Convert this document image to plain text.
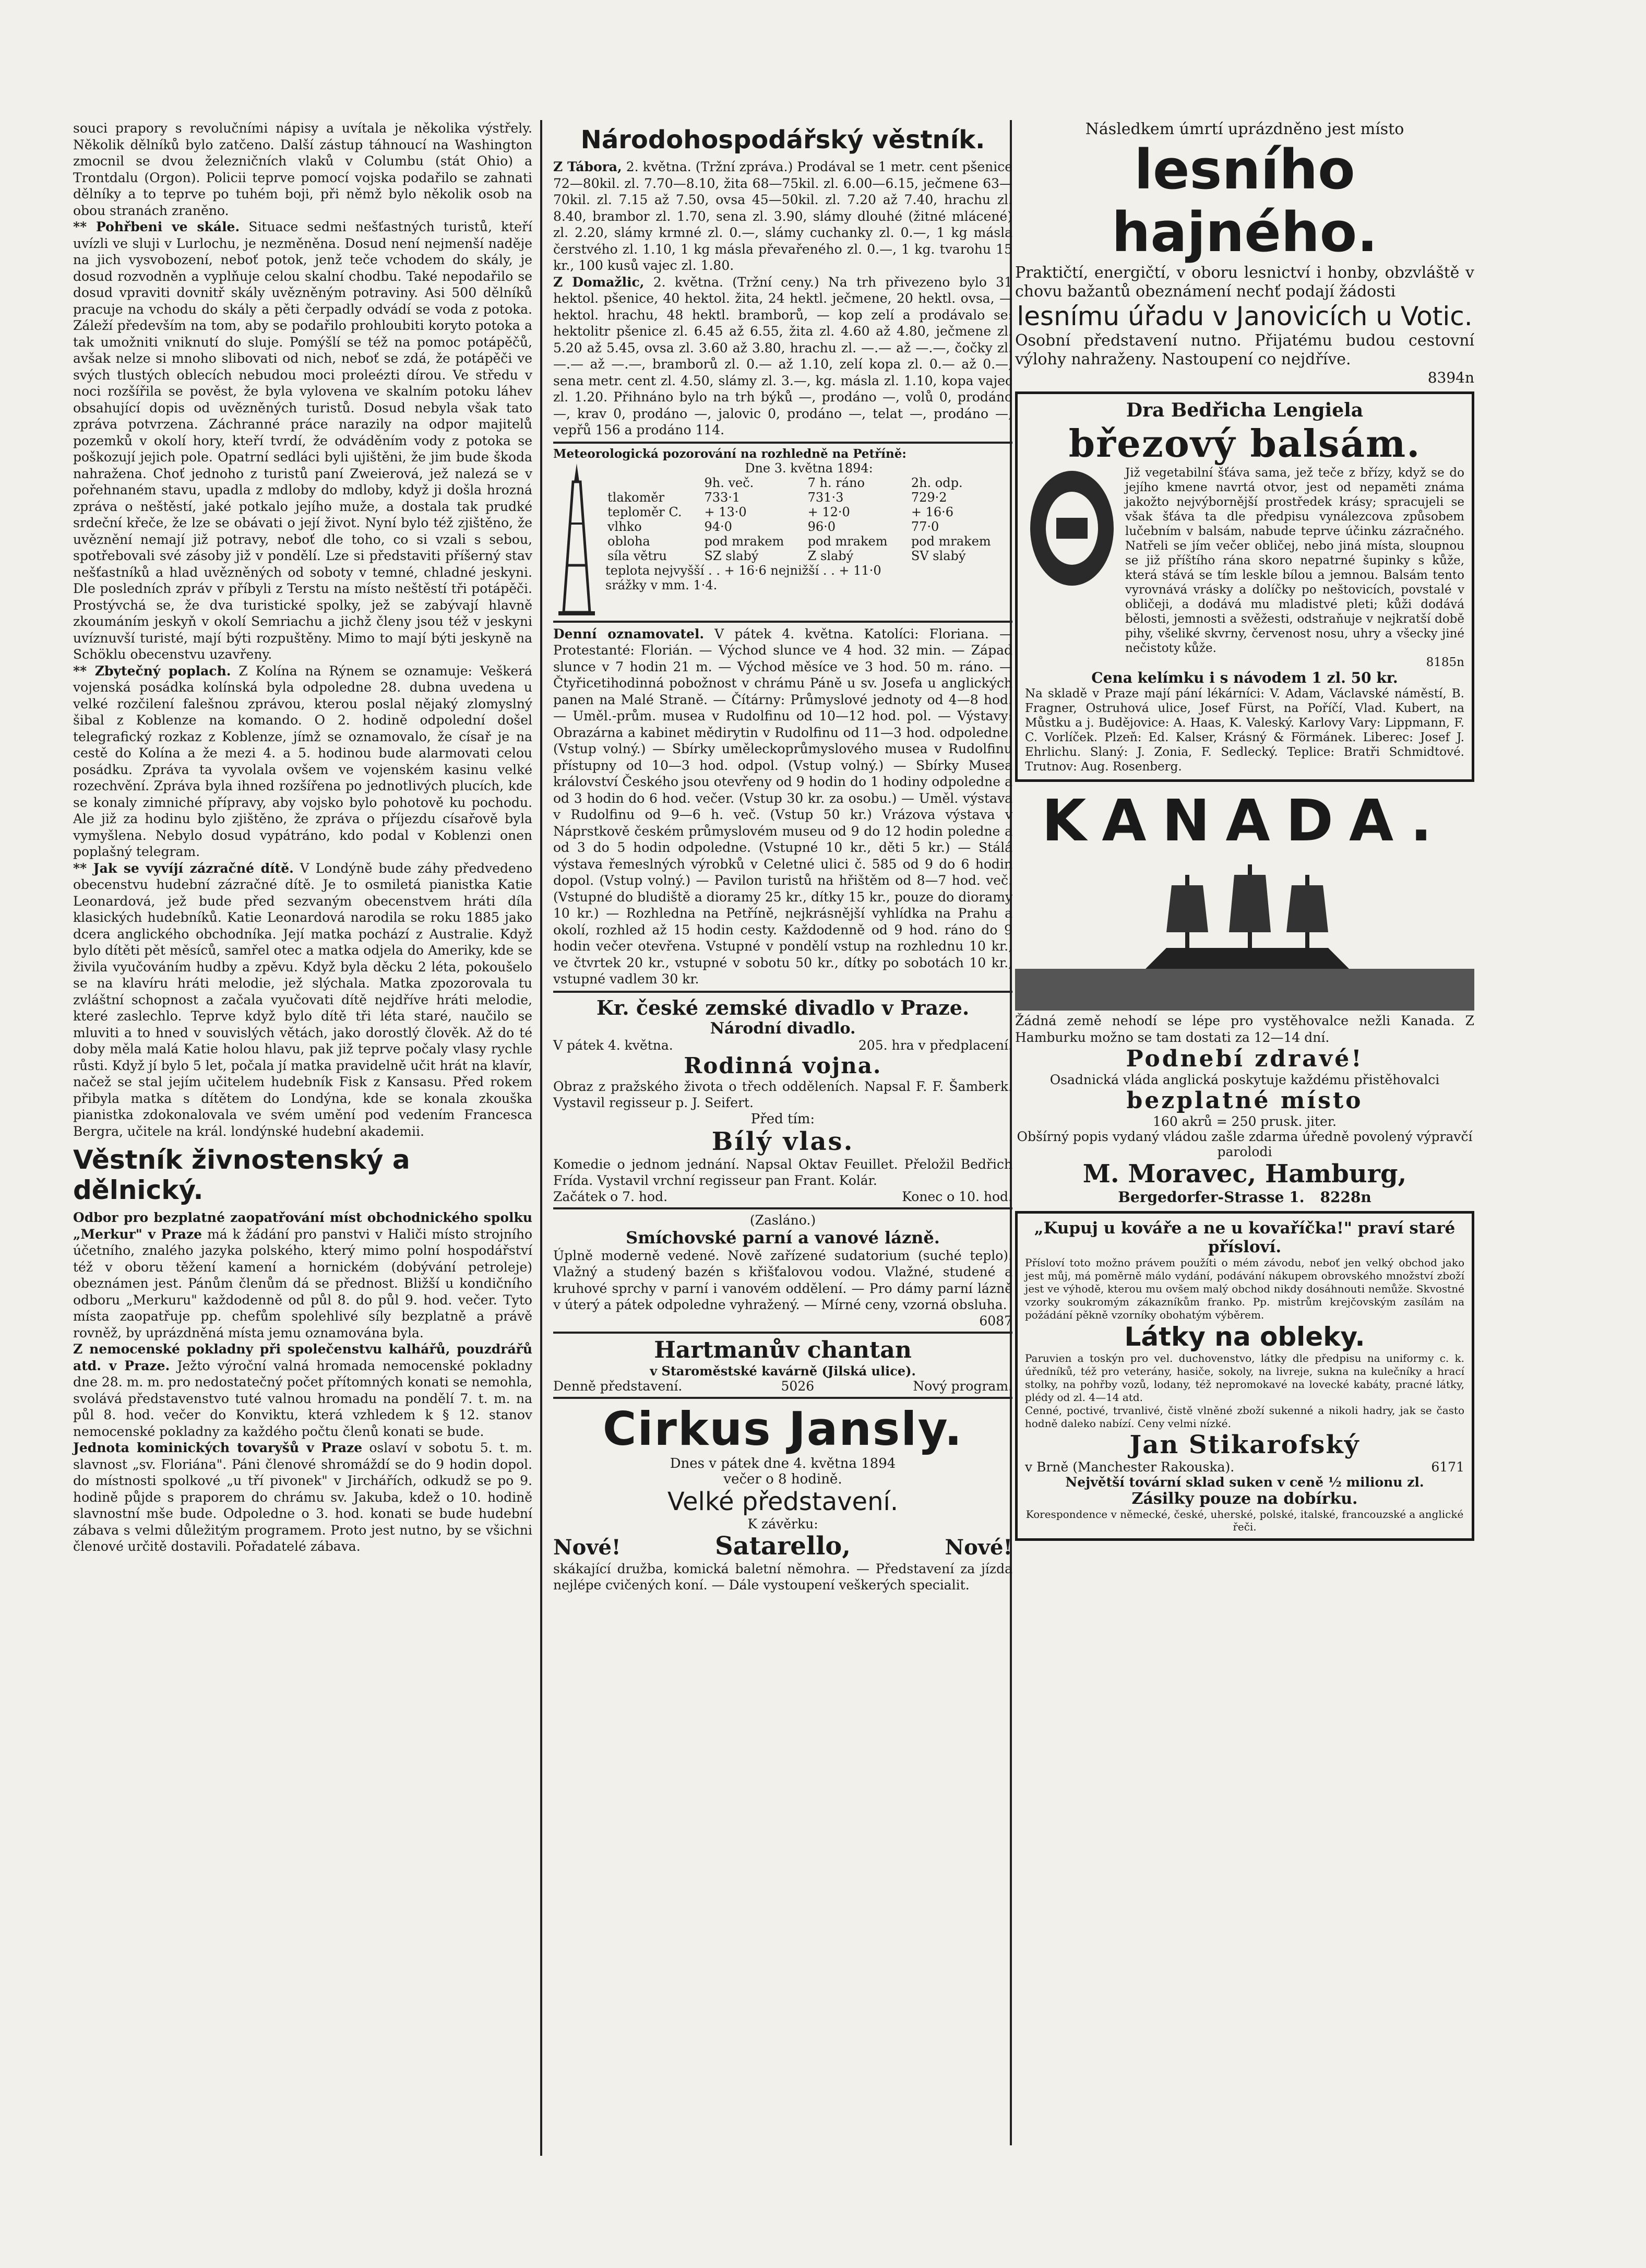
souci prapory s revolučními nápisy a uvítala je několika výstřely. Několik dělníků bylo zatčeno. Další zástup táhnoucí na Washington zmocnil se dvou železničních vlaků v Columbu (stát Ohio) a Trontdalu (Orgon). Policii teprve pomocí vojska podařilo se zahnati dělníky a to teprve po tuhém boji, při němž bylo několik osob na obou stranách zraněno.

** Pohřbeni ve skále. Situace sedmi nešťastných turistů, kteří uvízli ve sluji v Lurlochu, je nezměněna. Dosud není nejmenší naděje na jich vysvobození, neboť potok, jenž teče vchodem do skály, je dosud rozvodněn a vyplňuje celou skalní chodbu. Také nepodařilo se dosud vpraviti dovnitř skály uvězněným potraviny. Asi 500 dělníků pracuje na vchodu do skály a pěti čerpadly odvádí se voda z potoka. Záleží především na tom, aby se podařilo prohloubiti koryto potoka a tak umožniti vniknutí do sluje. Pomýšlí se též na pomoc potápěčů, avšak nelze si mnoho slibovati od nich, neboť se zdá, že potápěči ve svých tlustých oblecích nebudou moci proleézti dírou. Ve středu v noci rozšířila se pověst, že byla vylovena ve skalním potoku láhev obsahující dopis od uvězněných turistů. Dosud nebyla však tato zpráva potvrzena. Záchranné práce narazily na odpor majitelů pozemků v okolí hory, kteří tvrdí, že odváděním vody z potoka se poškozují jejich pole. Opatrní sedláci byli ujištěni, že jim bude škoda nahražena. Choť jednoho z turistů paní Zweierová, jež nalezá se v pořehnaném stavu, upadla z mdloby do mdloby, když ji došla hrozná zpráva o neštěstí, jaké potkalo jejího muže, a dostala tak prudké srdeční křeče, že lze se obávati o její život. Nyní bylo též zjištěno, že uvěznění nemají již potravy, neboť dle toho, co si vzali s sebou, spotřebovali své zásoby již v pondělí. Lze si představiti příšerný stav nešťastníků a hlad uvězněných od soboty v temné, chladné jeskyni. Dle posledních zpráv v příbyli z Terstu na místo neštěstí tři potápěči. Prostývchá se, že dva turistické spolky, jež se zabývají hlavně zkoumáním jeskyň v okolí Semriachu a jichž členy jsou též v jeskyni uvíznuvší turisté, mají býti rozpuštěny. Mimo to mají býti jeskyně na Schöklu obecenstvu uzavřeny.

** Zbytečný poplach. Z Kolína na Rýnem se oznamuje: Veškerá vojenská posádka kolínská byla odpoledne 28. dubna uvedena u velké rozčilení falešnou zprávou, kterou poslal nějaký zlomyslný šibal z Koblenze na komando. O 2. hodině odpolední došel telegrafický rozkaz z Koblenze, jímž se oznamovalo, že císař je na cestě do Kolína a že mezi 4. a 5. hodinou bude alarmovati celou posádku. Zpráva ta vyvolala ovšem ve vojenském kasinu velké rozechvění. Zpráva byla ihned rozšířena po jednotlivých plucích, kde se konaly zimniché přípravy, aby vojsko bylo pohotově ku pochodu. Ale již za hodinu bylo zjištěno, že zpráva o příjezdu císařově byla vymyšlena. Nebylo dosud vypátráno, kdo podal v Koblenzi onen poplašný telegram.

** Jak se vyvíjí zázračné dítě. V Londýně bude záhy předvedeno obecenstvu hudební zázračné dítě. Je to osmiletá pianistka Katie Leonardová, jež bude před sezvaným obecenstvem hráti díla klasických hudebníků. Katie Leonardová narodila se roku 1885 jako dcera anglického obchodníka. Její matka pochází z Australie. Když bylo dítěti pět měsíců, samřel otec a matka odjela do Ameriky, kde se živila vyučováním hudby a zpěvu. Když byla děcku 2 léta, pokoušelo se na klavíru hráti melodie, jež slýchala. Matka zpozorovala tu zvláštní schopnost a začala vyučovati dítě nejdříve hráti melodie, které zaslechlo. Teprve když bylo dítě tři léta staré, naučilo se mluviti a to hned v souvislých větách, jako dorostlý člověk. Až do té doby měla malá Katie holou hlavu, pak již teprve počaly vlasy rychle růsti. Když jí bylo 5 let, počala jí matka pravidelně učit hrát na klavír, načež se stal jejím učitelem hudebník Fisk z Kansasu. Před rokem přibyla matka s dítětem do Londýna, kde se konala zkouška pianistka zdokonalovala ve svém umění pod vedením Francesca Bergra, učitele na král. londýnské hudební akademii.

Věstník živnostenský a dělnický.

Odbor pro bezplatné zaopatřování míst obchodnického spolku „Merkur" v Praze má k žádání pro panstvi v Haliči místo strojního účetního, znalého jazyka polského, který mimo polní hospodářství též v oboru těžení kamení a hornickém (dobývání petroleje) obeznámen jest. Pánům členům dá se přednost. Bližší u kondičního odboru „Merkuru" každodenně od půl 8. do půl 9. hod. večer. Tyto místa zaopatřuje pp. chefům spolehlivé síly bezplatně a právě rovněž, by uprázdněná místa jemu oznamována byla.

Z nemocenské pokladny při společenstvu kalhářů, pouzdrářů atd. v Praze. Ježto výroční valná hromada nemocenské pokladny dne 28. m. m. pro nedostatečný počet přítomných konati se nemohla, svolává představenstvo tuté valnou hromadu na pondělí 7. t. m. na půl 8. hod. večer do Konviktu, která vzhledem k § 12. stanov nemocenské pokladny za každého počtu členů konati se bude.

Jednota kominických tovaryšů v Praze oslaví v sobotu 5. t. m. slavnost „sv. Floriána". Páni členové shromáždí se do 9 hodin dopol. do místnosti spolkové „u tří pivonek" v Jirchářích, odkudž se po 9. hodině půjde s praporem do chrámu sv. Jakuba, kdež o 10. hodině slavnostní mše bude. Odpoledne o 3. hod. konati se bude hudební zábava s velmi důležitým programem. Proto jest nutno, by se všichni členové určitě dostavili. Pořadatelé zábava.

Národohospodářský věstník.

Z Tábora, 2. května. (Tržní zpráva.) Prodával se 1 metr. cent pšenice 72—80kil. zl. 7.70—8.10, žita 68—75kil. zl. 6.00—6.15, ječmene 63—70kil. zl. 7.15 až 7.50, ovsa 45—50kil. zl. 7.20 až 7.40, hrachu zl. 8.40, brambor zl. 1.70, sena zl. 3.90, slámy dlouhé (žitné mlácené) zl. 2.20, slámy krmné zl. 0.—, slámy cuchanky zl. 0.—, 1 kg másla čerstvého zl. 1.10, 1 kg másla převařeného zl. 0.—, 1 kg. tvarohu 15 kr., 100 kusů vajec zl. 1.80.

Z Domažlic, 2. května. (Tržní ceny.) Na trh přivezeno bylo 31 hektol. pšenice, 40 hektol. žita, 24 hektl. ječmene, 20 hektl. ovsa, — hektol. hrachu, 48 hektl. bramborů, — kop zelí a prodávalo se: hektolitr pšenice zl. 6.45 až 6.55, žita zl. 4.60 až 4.80, ječmene zl. 5.20 až 5.45, ovsa zl. 3.60 až 3.80, hrachu zl. —.— až —.—, čočky zl. —.— až —.—, bramborů zl. 0.— až 1.10, zelí kopa zl. 0.— až 0.—, sena metr. cent zl. 4.50, slámy zl. 3.—, kg. másla zl. 1.10, kopa vajec zl. 1.20. Přihnáno bylo na trh býků —, prodáno —, volů 0, prodáno —, krav 0, prodáno —, jalovic 0, prodáno —, telat —, prodáno —, vepřů 156 a prodáno 114.

Meteorologická pozorování na rozhledně na Petříně:
Dne 3. května 1894:
	9h. več.	7 h. ráno	2h. odp.
tlakoměr	733·1	731·3	729·2
teploměr C.	+ 13·0	+ 12·0	+ 16·6
vlhko	94·0	96·0	77·0
obloha	pod mrakem	pod mrakem	pod mrakem
síla větru	SZ slabý	Z slabý	SV slabý
teplota nejvyšší . . + 16·6 nejnižší . . + 11·0
srážky v mm. 1·4.

Denní oznamovatel. V pátek 4. května. Katolíci: Floriana. — Protestanté: Florián. — Východ slunce ve 4 hod. 32 min. — Západ slunce v 7 hodin 21 m. — Východ měsíce ve 3 hod. 50 m. ráno. — Čtyřicetihodinná pobožnost v chrámu Páně u sv. Josefa u anglických panen na Malé Straně. — Čítárny: Průmyslové jednoty od 4—8 hod. — Uměl.-prům. musea v Rudolfinu od 10—12 hod. pol. — Výstavy: Obrazárna a kabinet mědirytin v Rudolfinu od 11—3 hod. odpoledne. (Vstup volný.) — Sbírky uměleckoprůmyslového musea v Rudolfinu přístupny od 10—3 hod. odpol. (Vstup volný.) — Sbírky Musea království Českého jsou otevřeny od 9 hodin do 1 hodiny odpoledne a od 3 hodin do 6 hod. večer. (Vstup 30 kr. za osobu.) — Uměl. výstava v Rudolfinu od 9—6 h. več. (Vstup 50 kr.) Vrázova výstava v Náprstkově českém průmyslovém museu od 9 do 12 hodin poledne a od 3 do 5 hodin odpoledne. (Vstupné 10 kr., děti 5 kr.) — Stálá výstava řemeslných výrobků v Celetné ulici č. 585 od 9 do 6 hodin dopol. (Vstup volný.) — Pavilon turistů na hřištěm od 8—7 hod. več. (Vstupné do bludiště a dioramy 25 kr., dítky 15 kr., pouze do dioramy 10 kr.) — Rozhledna na Petříně, nejkrásnější vyhlídka na Prahu a okolí, rozhled až 15 hodin cesty. Každodenně od 9 hod. ráno do 9 hodin večer otevřena. Vstupné v pondělí vstup na rozhlednu 10 kr., ve čtvrtek 20 kr., vstupné v sobotu 50 kr., dítky po sobotách 10 kr., vstupné vadlem 30 kr.

Kr. české zemské divadlo v Praze.
Národní divadlo.
V pátek 4. května.	205. hra v předplacení.
Rodinná vojna.

Obraz z pražského života o třech odděleních. Napsal F. F. Šamberk. Vystavil regisseur p. J. Seifert.

Před tím:
Bílý vlas.

Komedie o jednom jednání. Napsal Oktav Feuillet. Přeložil Bedřich Frída. Vystavil vrchní regisseur pan Frant. Kolár.

Začátek o 7. hod.	Konec o 10. hod.
(Zasláno.)
Smíchovské parní a vanové lázně.

Úplně moderně vedené. Nově zařízené sudatorium (suché teplo). Vlažný a studený bazén s křišťalovou vodou. Vlažné, studené a kruhové sprchy v parní i vanovém oddělení. — Pro dámy parní lázně v úterý a pátek odpoledne vyhražený. — Mírné ceny, vzorná obsluha.

6087
Hartmanův chantan
v Staroměstské kavárně (Jilská ulice).
Denně představení.	5026	Nový program.
Cirkus Jansly.
Dnes v pátek dne 4. května 1894
večer o 8 hodině.
Velké představení.
K závěrku:
Nové!	Satarello,	Nové!

skákající družba, komická baletní němohra. — Představení za jízda nejlépe cvičených koní. — Dále vystoupení veškerých specialit.

Následkem úmrtí uprázdněno jest místo
lesního hajného.

Praktičtí, energičtí, v oboru lesnictví i honby, obzvláště v chovu bažantů obeznámení nechť podají žádosti

lesnímu úřadu v Janovicích u Votic.

Osobní představení nutno. Přijatému budou cestovní výlohy nahraženy. Nastoupení co nejdříve.

8394n
Dra Bedřicha Lengiela
březový balsám.

Již vegetabilní šťáva sama, jež teče z břízy, když se do jejího kmene navrtá otvor, jest od nepaměti známa jakožto nejvýbornější prostředek krásy; spracujeli se však šťáva ta dle předpisu vynálezcova způsobem lučebním v balsám, nabude teprve účinku zázračného. Natřeli se jím večer obličej, nebo jiná místa, sloupnou se již příštího rána skoro nepatrné šupinky s kůže, která stává se tím leskle bílou a jemnou. Balsám tento vyrovnává vrásky a dolíčky po neštovicích, povstalé v obličeji, a dodává mu mladistvé pleti; kůži dodává bělosti, jemnosti a svěžesti, odstraňuje v nejkratší době pihy, všeliké skvrny, červenost nosu, uhry a všecky jiné nečistoty kůže.

8185n
Cena kelímku i s návodem 1 zl. 50 kr.

Na skladě v Praze mají pání lékárníci: V. Adam, Václavské náměstí, B. Fragner, Ostruhová ulice, Josef Fürst, na Poříčí, Vlad. Kubert, na Můstku a j. Budějovice: A. Haas, K. Valeský. Karlovy Vary: Lippmann, F. C. Vorlíček. Plzeň: Ed. Kalser, Krásný & Förmánek. Liberec: Josef J. Ehrlichu. Slaný: J. Zonia, F. Sedlecký. Teplice: Bratři Schmidtové. Trutnov: Aug. Rosenberg.

KANADA.

Žádná země nehodí se lépe pro vystěhovalce nežli Kanada. Z Hamburku možno se tam dostati za 12—14 dní.

Podnebí zdravé!
Osadnická vláda anglická poskytuje každému přistěhovalci
bezplatné místo
160 akrů = 250 prusk. jiter.
Obšírný popis vydaný vládou zašle zdarma úředně povolený výpravčí parolodi
M. Moravec, Hamburg,
Bergedorfer-Strasse 1. 8228n
„Kupuj u kováře a ne u kovaříčka!" praví staré přísloví.

Přísloví toto možno právem použíti o mém závodu, neboť jen velký obchod jako jest můj, má poměrně málo vydání, podávání nákupem obrovského množství zboží jest ve výhodě, kterou mu ovšem malý obchod nikdy dosáhnouti nemůže. Skvostné vzorky soukromým zákazníkům franko. Pp. mistrům krejčovským zasílám na požádání pěkně vzorníky obohatým výběrem.

Látky na obleky.

Paruvien a toskýn pro vel. duchovenstvo, látky dle předpisu na uniformy c. k. úředníků, též pro veterány, hasiče, sokoly, na livreje, sukna na kulečníky a hrací stolky, na pohřby vozů, lodany, též nepromokavé na lovecké kabáty, pracné látky, plédy od zl. 4—14 atd.

Cenné, poctivé, trvanlivé, čistě vlněné zboží sukenné a nikoli hadry, jak se často hodně daleko nabízí. Ceny velmi nízké.

Jan Stikarofský
v Brně (Manchester Rakouska).	6171
Největší tovární sklad suken v ceně ½ milionu zl.
Zásilky pouze na dobírku.
Korespondence v německé, české, uherské, polské, italské, francouzské a anglické řeči.
